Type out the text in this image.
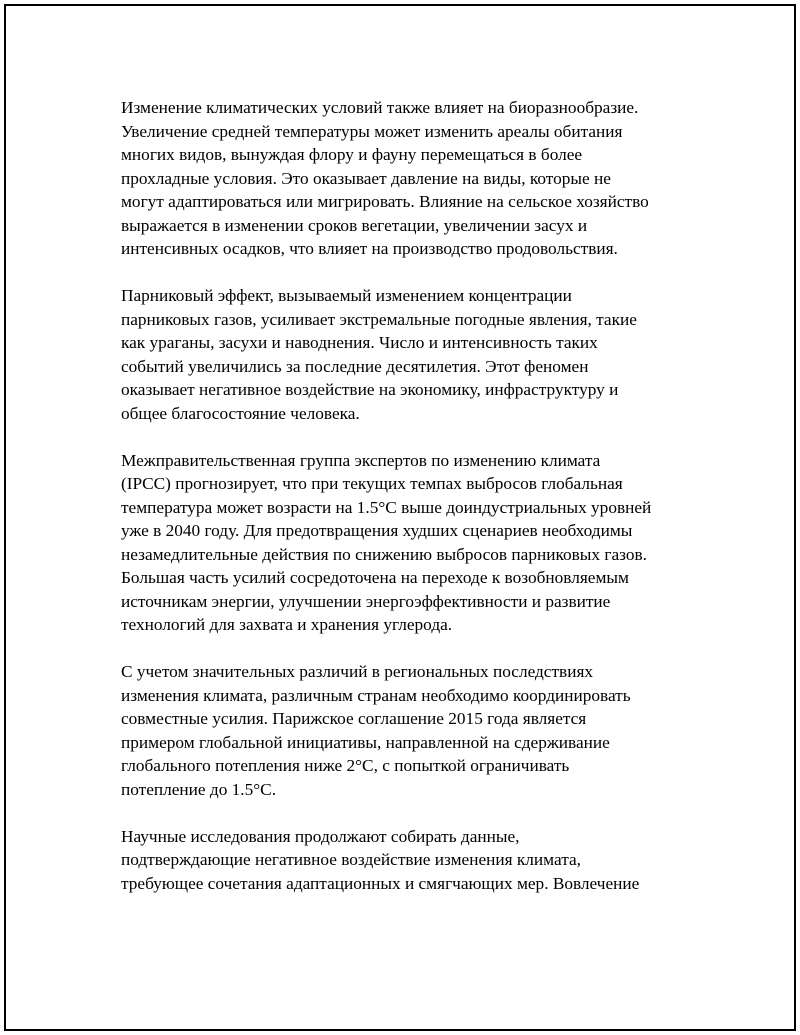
Изменение климатических условий также влияет на биоразнообразие.
Увеличение средней температуры может изменить ареалы обитания
многих видов, вынуждая флору и фауну перемещаться в более
прохладные условия. Это оказывает давление на виды, которые не
могут адаптироваться или мигрировать. Влияние на сельское хозяйство
выражается в изменении сроков вегетации, увеличении засух и
интенсивных осадков, что влияет на производство продовольствия.

Парниковый эффект, вызываемый изменением концентрации
парниковых газов, усиливает экстремальные погодные явления, такие
как ураганы, засухи и наводнения. Число и интенсивность таких
событий увеличились за последние десятилетия. Этот феномен
оказывает негативное воздействие на экономику, инфраструктуру и
общее благосостояние человека.

Межправительственная группа экспертов по изменению климата
(IPCC) прогнозирует, что при текущих темпах выбросов глобальная
температура может возрасти на 1.5°C выше доиндустриальных уровней
уже в 2040 году. Для предотвращения худших сценариев необходимы
незамедлительные действия по снижению выбросов парниковых газов.
Большая часть усилий сосредоточена на переходе к возобновляемым
источникам энергии, улучшении энергоэффективности и развитие
технологий для захвата и хранения углерода.

С учетом значительных различий в региональных последствиях
изменения климата, различным странам необходимо координировать
совместные усилия. Парижское соглашение 2015 года является
примером глобальной инициативы, направленной на сдерживание
глобального потепления ниже 2°C, с попыткой ограничивать
потепление до 1.5°C.

Научные исследования продолжают собирать данные,
подтверждающие негативное воздействие изменения климата,
требующее сочетания адаптационных и смягчающих мер. Вовлечение
